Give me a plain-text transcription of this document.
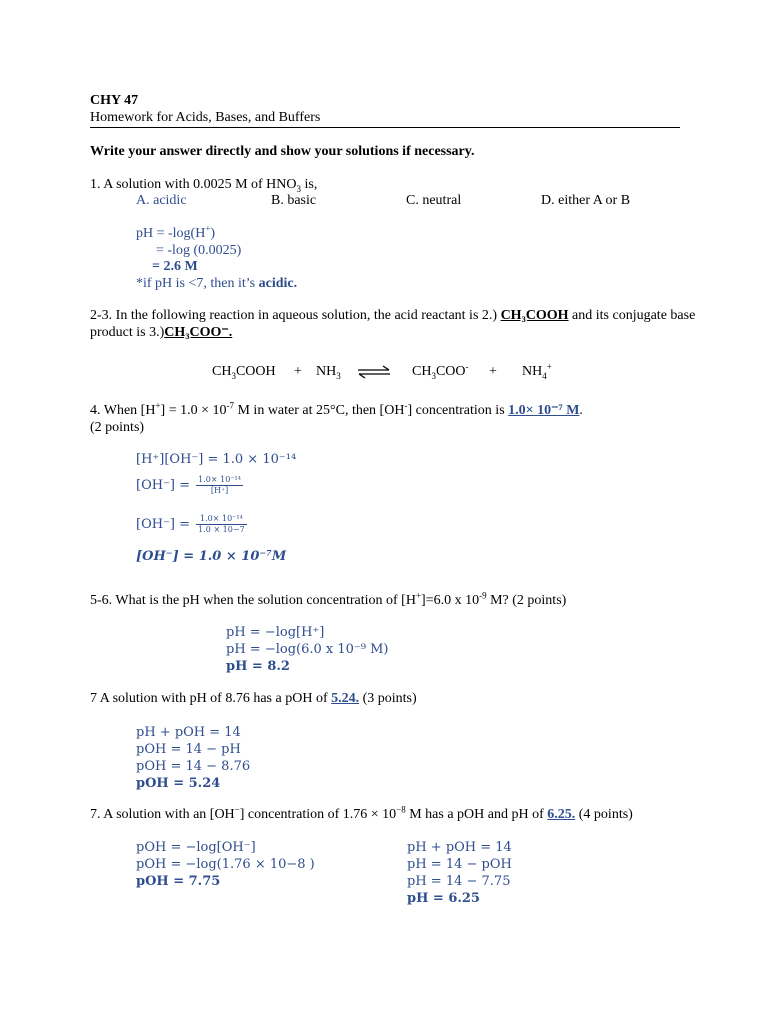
CHY 47
Homework for Acids, Bases, and Buffers
Write your answer directly and show your solutions if necessary.
1. A solution with 0.0025 M of $HNO_3$ is,
A. acidic	B. basic	C. neutral	D. either A or B
pH = -log(H+)
= -log (0.0025)
= 2.6 M
*if pH is <7, then it’s acidic.
2-3. In the following reaction in aqueous solution, the acid reactant is 2.) CH₃COOH and its conjugate base
product is 3.)CH₃COO⁻.
$CH_3COOH + NH_3$ ⇌ $CH_3COO^- + NH_4^+$
4. When $[H^+] = 1.0 \times 10^{-7}$ M in water at 25°C, then [OH-] concentration is 1.0× 10⁻⁷ M.
(2 points)
[H⁺][OH⁻] = 1.0 × 10⁻¹⁴
$[OH^-] = \frac{\text{1.0× 10⁻¹⁴}}{[H^+]}$
$[OH^-] = \frac{\text{1.0× 10⁻¹⁴}}{1.0 \times 10-7}$
[OH⁻] = 1.0 × 10⁻⁷M
5-6. What is the pH when the solution concentration of [H+]=6.0 x $10^{-9}$ M? (2 points)
pH = −log[H⁺]
pH = −log(6.0 x 10⁻⁹ M)
pH = 8.2
7 A solution with pH of 8.76 has a pOH of 5.24. (3 points)
pH + pOH = 14
pOH = 14 − pH
pOH = 14 − 8.76
pOH = 5.24
7. A solution with an [OH−] concentration of $1.76 \times 10^{-8}$ M has a pOH and pH of 6.25. (4 points)
pOH = −log[OH⁻]
pOH = −log(1.76 × 10−8 )
pOH = 7.75
pH + pOH = 14
pH = 14 − pOH
pH = 14 − 7.75
pH = 6.25
